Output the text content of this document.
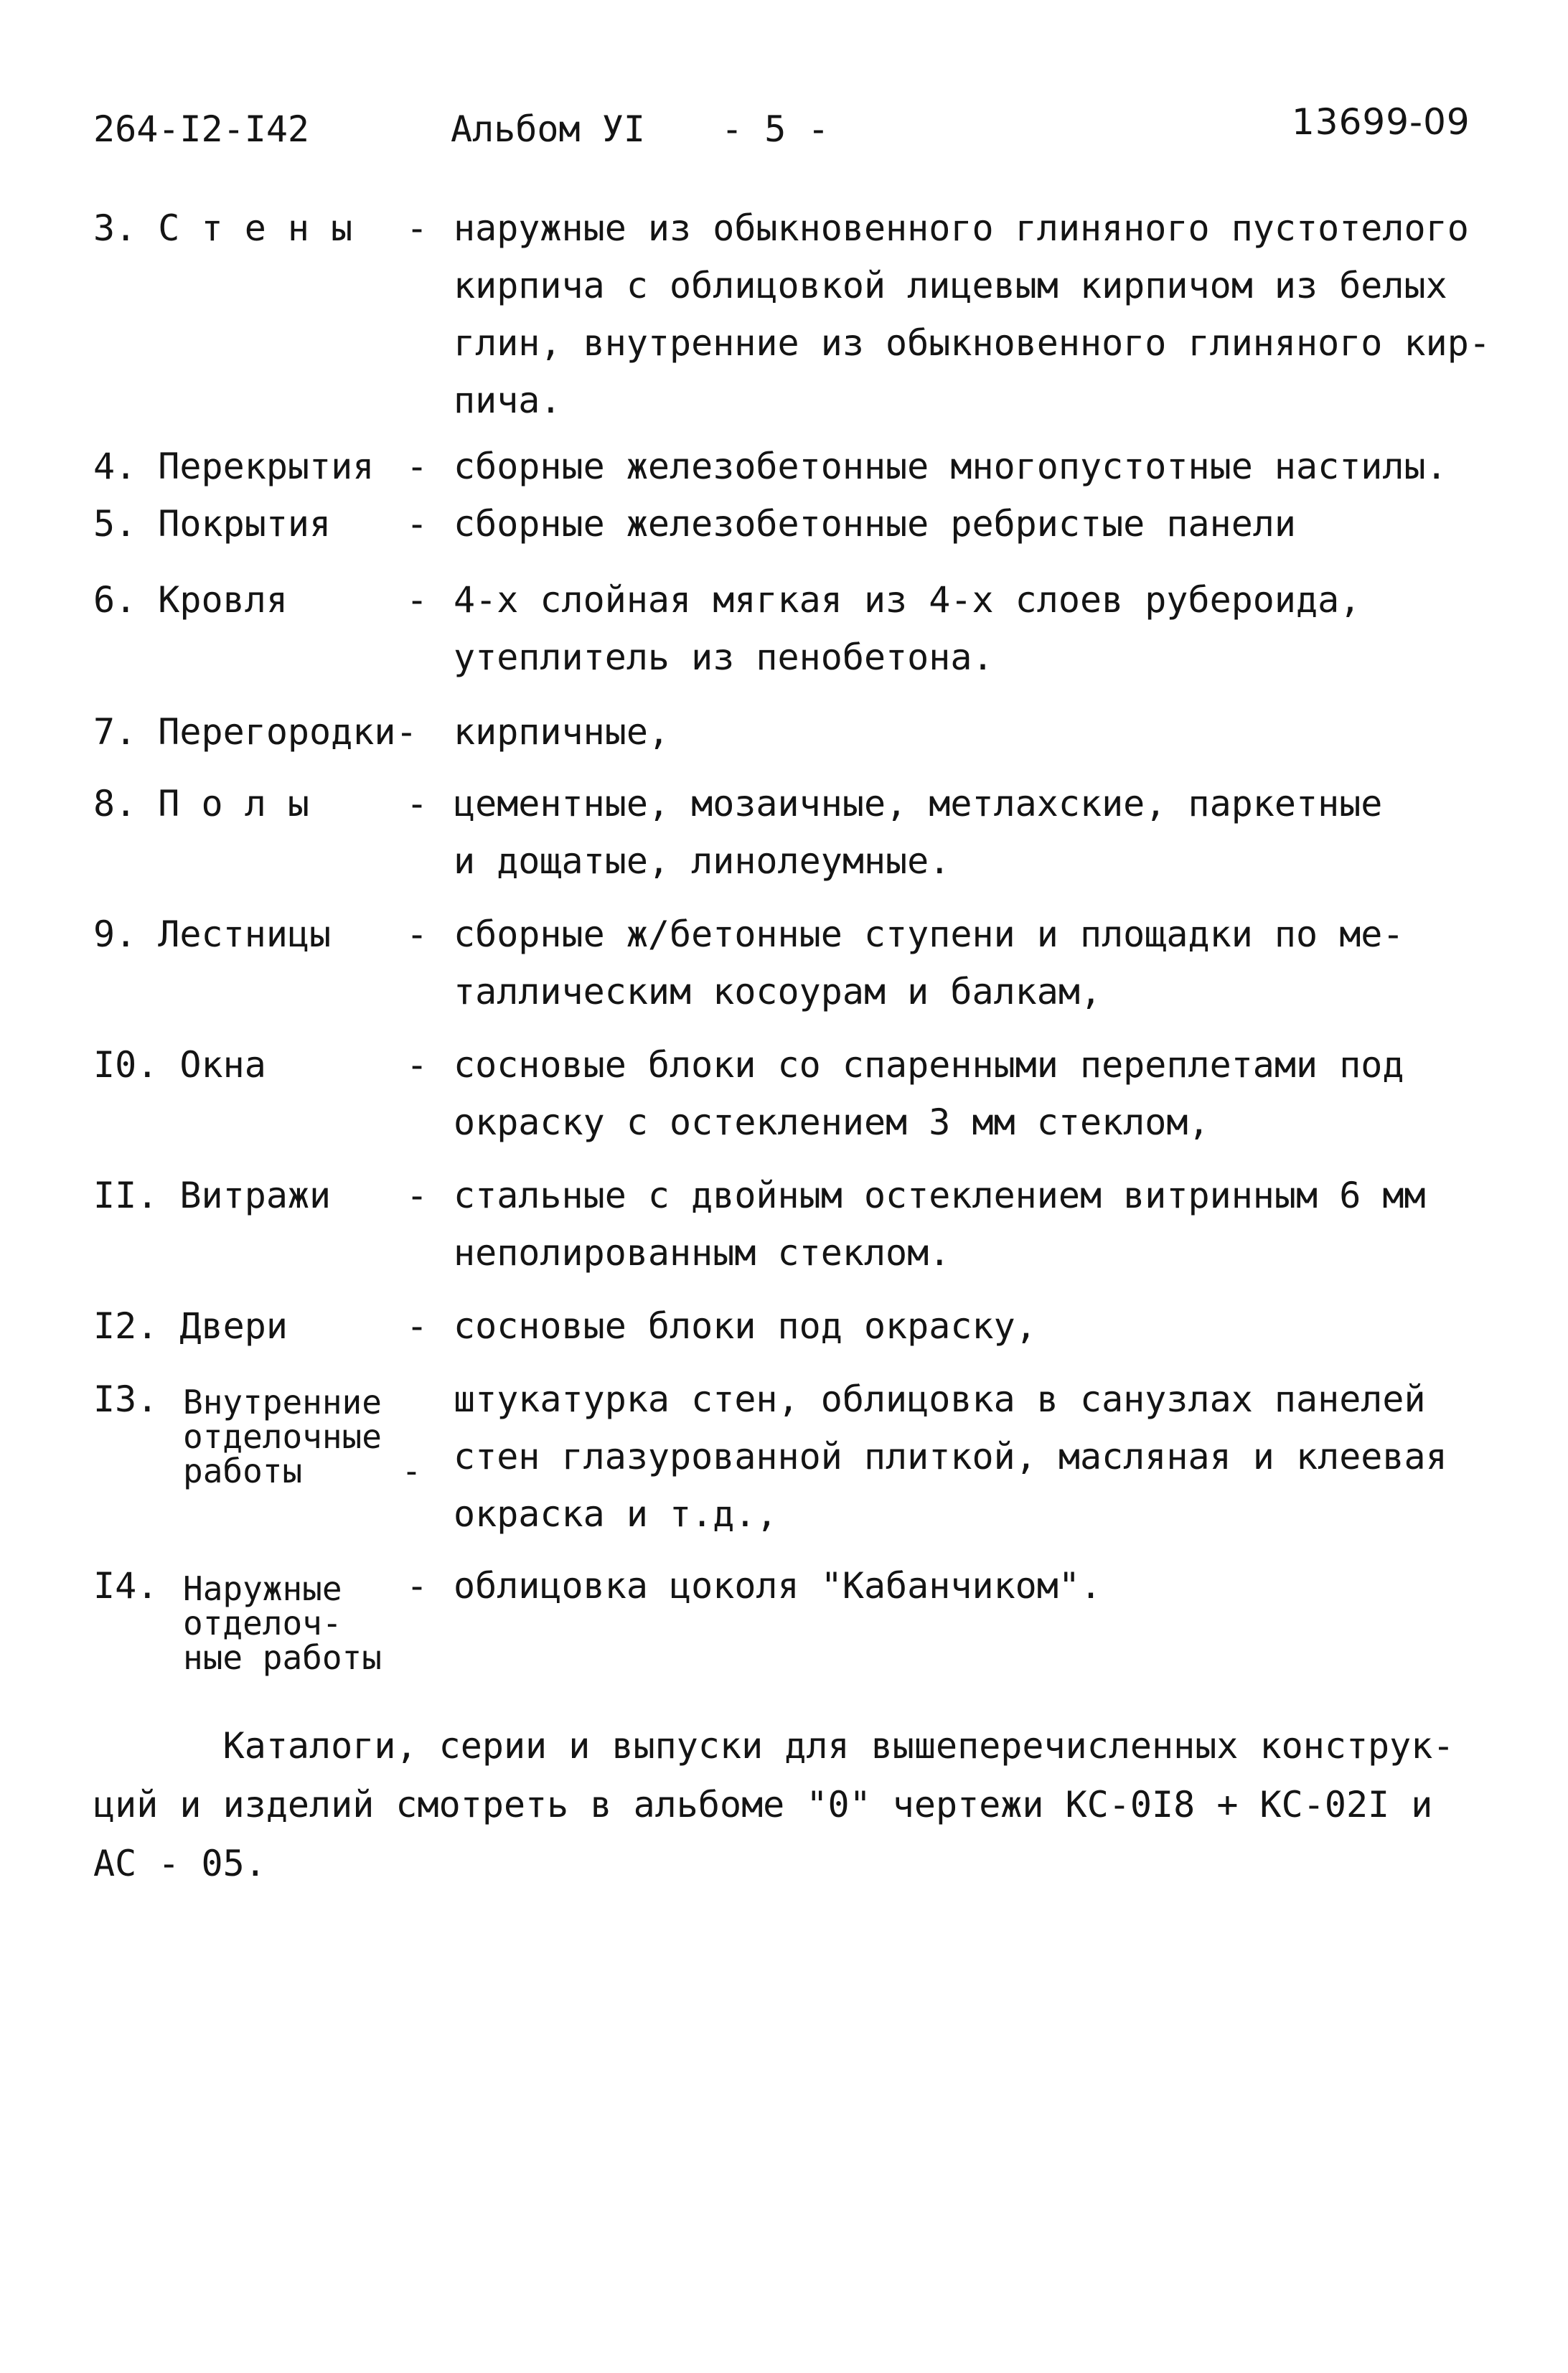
264-I2-I42	Альбом УI - 5 -	13699-09
3. С т е н ы - наружные из обыкновенного глиняного пустотелого
кирпича с облицовкой лицевым кирпичом из белых
глин, внутренние из обыкновенного глиняного кир-
пича.
4. Перекрытия - сборные железобетонные многопустотные настилы.
5. Покрытия - сборные железобетонные ребристые панели
6. Кровля	- 4-х слойная мягкая из 4-х слоев рубероида,
утеплитель из пенобетона.
7. Перегородки- кирпичные,
8. П о л ы	- цементные, мозаичные, метлахские, паркетные
и дощатые, линолеумные.
9. Лестницы - сборные ж/бетонные ступени и площадки по ме-
таллическим косоурам и балкам,
I0. Окна	- сосновые блоки со спаренными переплетами под
окраску с остеклением 3 мм стеклом,
II. Витражи - стальные с двойным остеклением витринным 6 мм
неполированным стеклом.
I2. Двери	- сосновые блоки под окраску,
I3. Внутренние
отделочные
работы     -
штукатурка стен, облицовка в санузлах панелей
стен глазурованной плиткой, масляная и клеевая
окраска и т.д.,
I4. Наружные
отделоч-
ные работы
- облицовка цоколя "Кабанчиком".
Каталоги, серии и выпуски для вышеперечисленных конструк-
ций и изделий смотреть в альбоме "0" чертежи КС-0I8 + КС-02I и
АС - 05.
